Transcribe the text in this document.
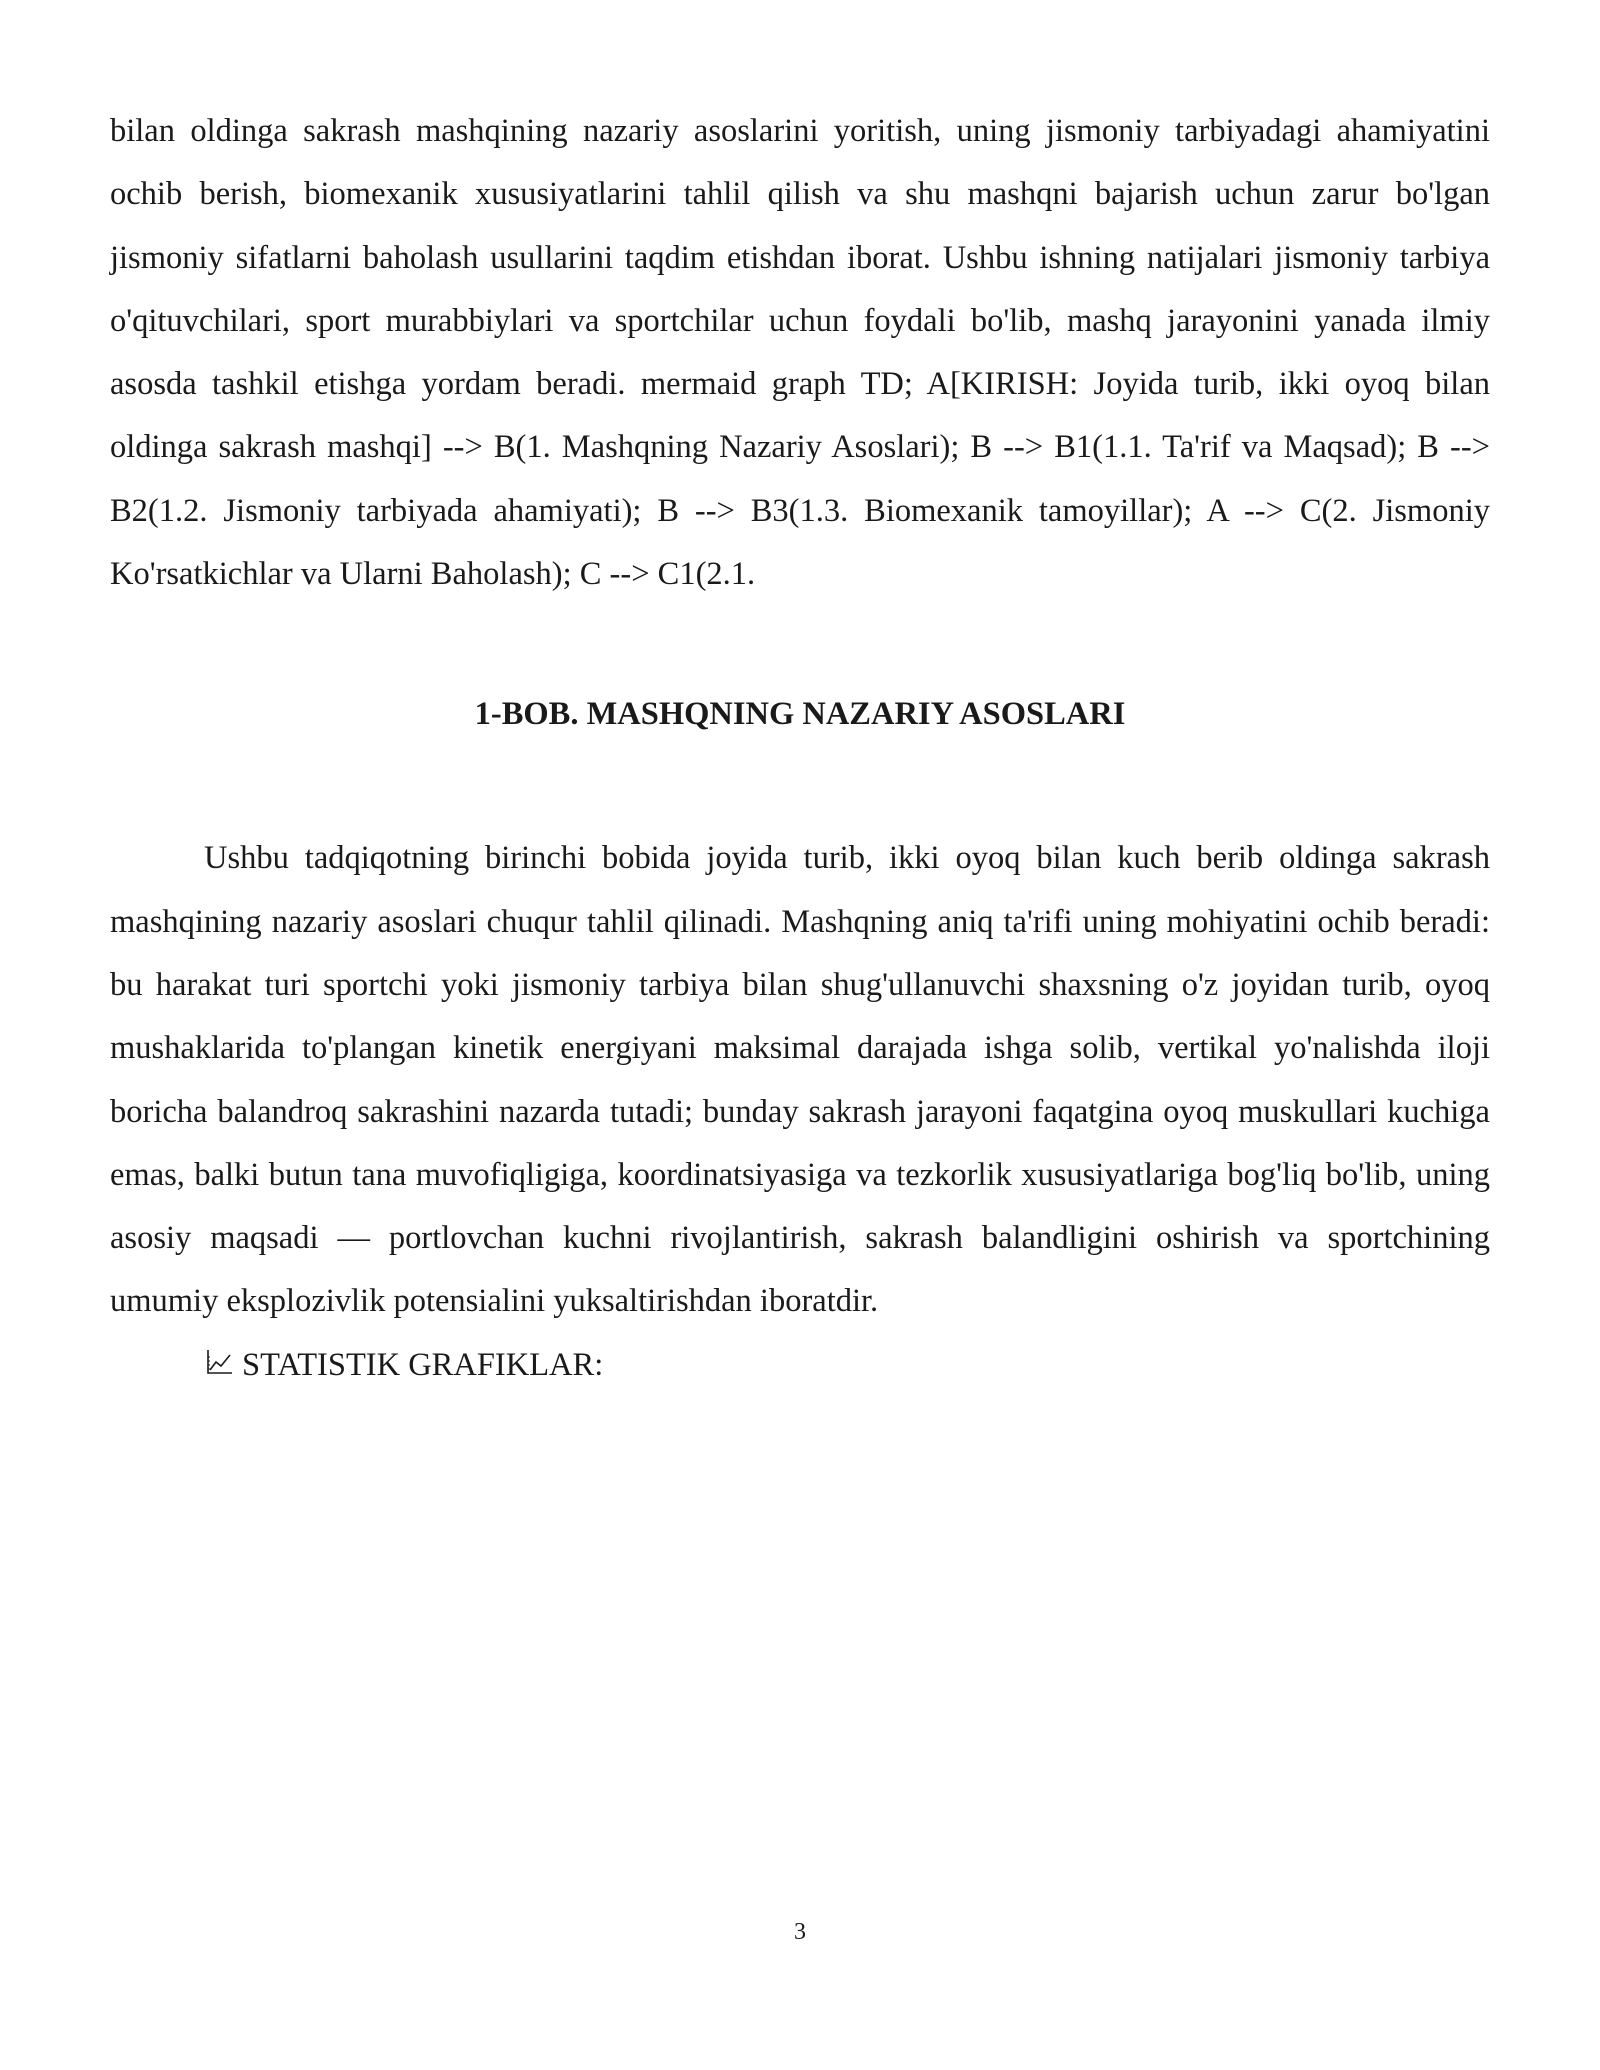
bilan oldinga sakrash mashqining nazariy asoslarini yoritish, uning jismoniy tarbiyadagi ahamiyatini ochib berish, biomexanik xususiyatlarini tahlil qilish va shu mashqni bajarish uchun zarur bo'lgan jismoniy sifatlarni baholash usullarini taqdim etishdan iborat. Ushbu ishning natijalari jismoniy tarbiya o'qituvchilari, sport murabbiylari va sportchilar uchun foydali bo'lib, mashq jarayonini yanada ilmiy asosda tashkil etishga yordam beradi. mermaid graph TD; A[KIRISH: Joyida turib, ikki oyoq bilan oldinga sakrash mashqi] --> B(1. Mashqning Nazariy Asoslari); B --> B1(1.1. Ta'rif va Maqsad); B --> B2(1.2. Jismoniy tarbiyada ahamiyati); B --> B3(1.3. Biomexanik tamoyillar); A --> C(2. Jismoniy Ko'rsatkichlar va Ularni Baholash); C --> C1(2.1.

1-BOB. MASHQNING NAZARIY ASOSLARI

Ushbu tadqiqotning birinchi bobida joyida turib, ikki oyoq bilan kuch berib oldinga sakrash mashqining nazariy asoslari chuqur tahlil qilinadi. Mashqning aniq ta'rifi uning mohiyatini ochib beradi: bu harakat turi sportchi yoki jismoniy tarbiya bilan shug'ullanuvchi shaxsning o'z joyidan turib, oyoq mushaklarida to'plangan kinetik energiyani maksimal darajada ishga solib, vertikal yo'nalishda iloji boricha balandroq sakrashini nazarda tutadi; bunday sakrash jarayoni faqatgina oyoq muskullari kuchiga emas, balki butun tana muvofiqligiga, koordinatsiyasiga va tezkorlik xususiyatlariga bog'liq bo'lib, uning asosiy maqsadi — portlovchan kuchni rivojlantirish, sakrash balandligini oshirish va sportchining umumiy eksplozivlik potensialini yuksaltirishdan iboratdir.

STATISTIK GRAFIKLAR:
3
